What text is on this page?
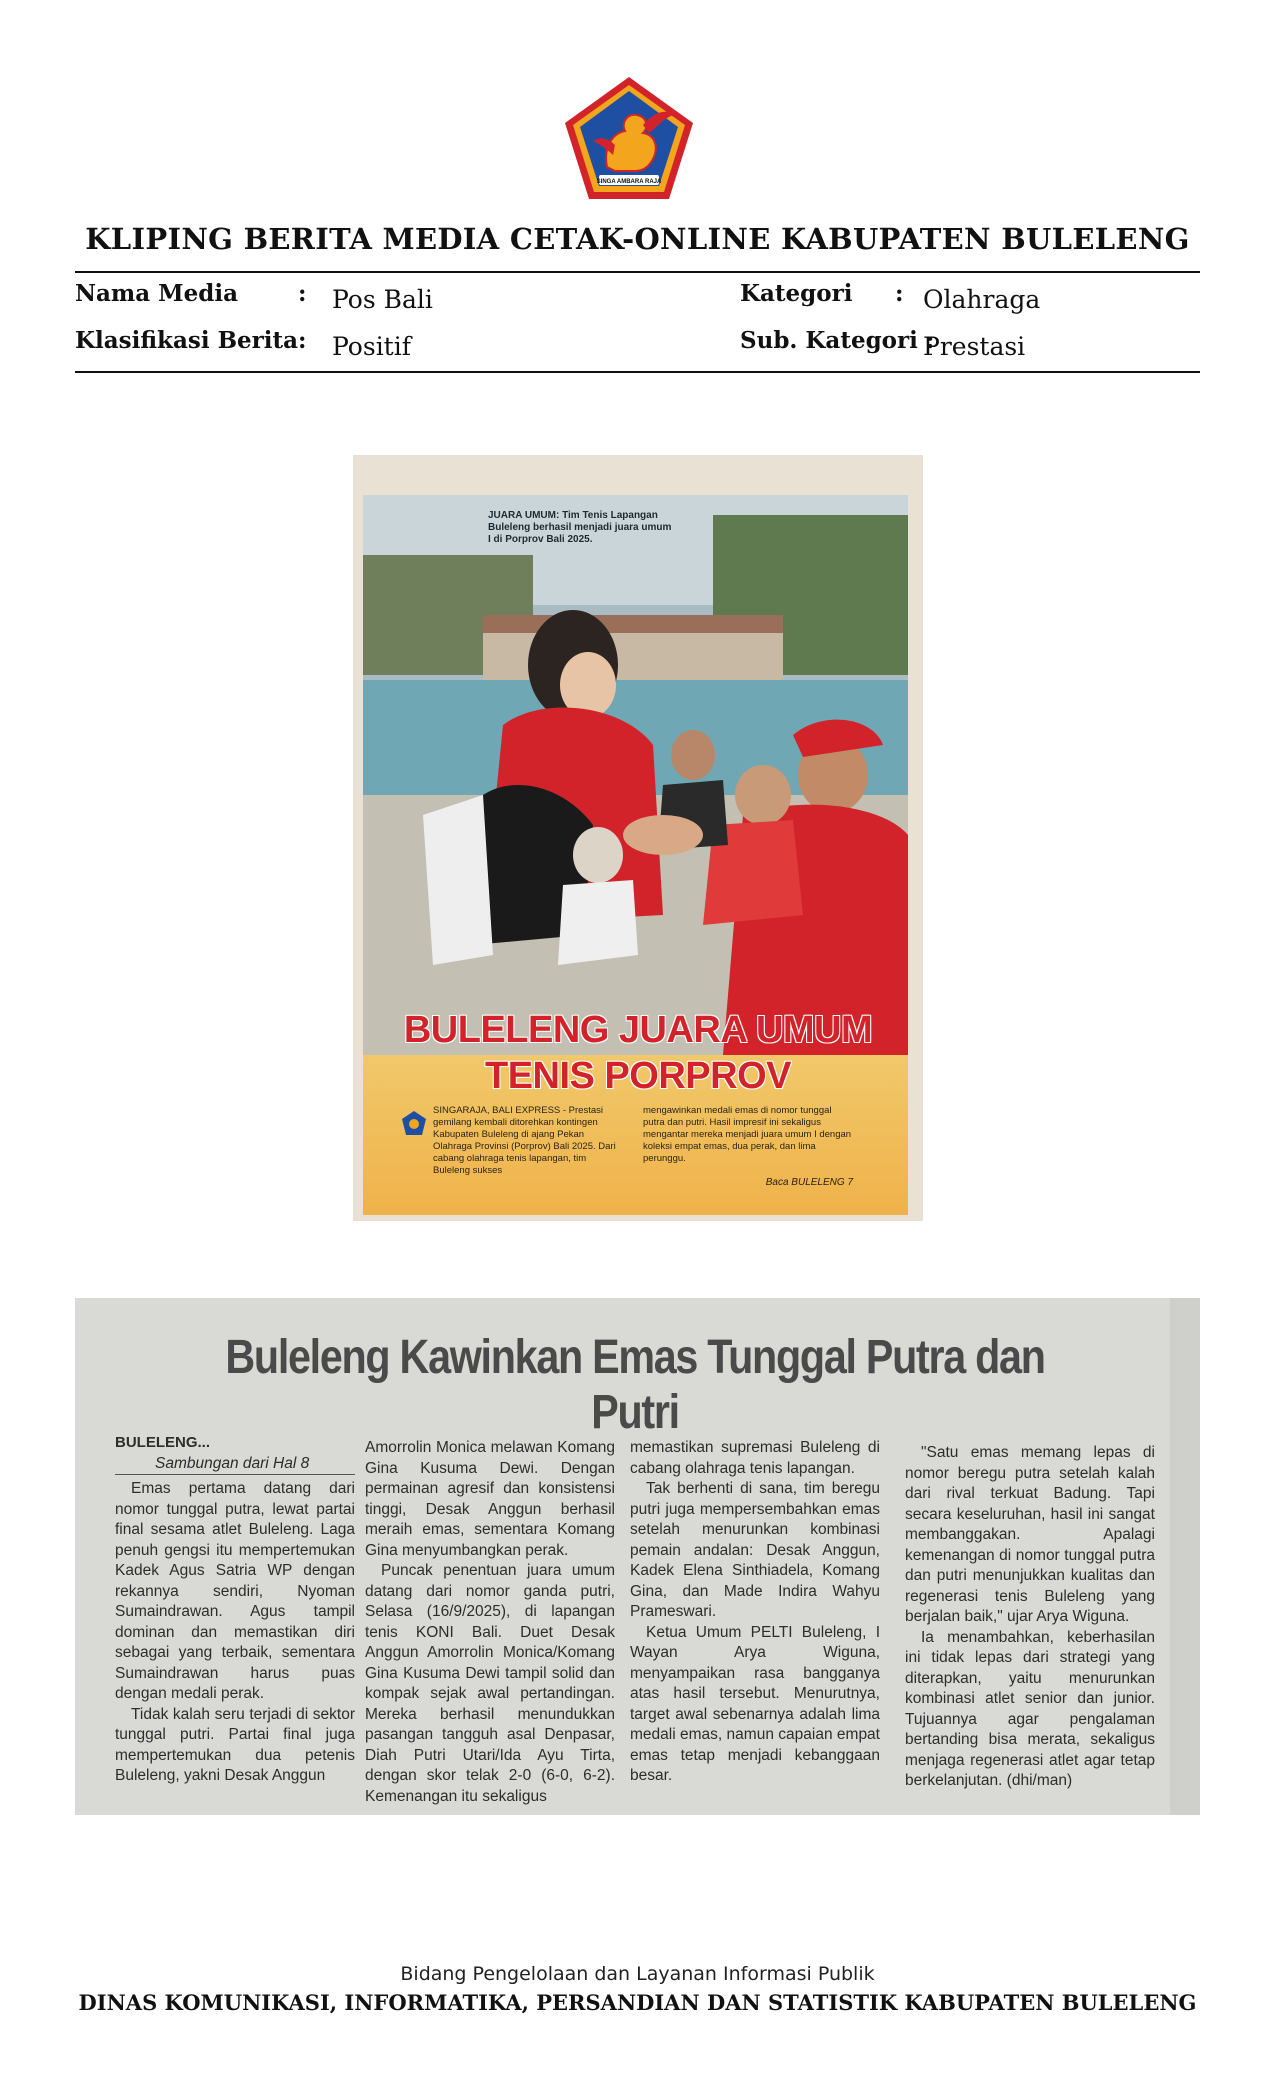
SINGA AMBARA RAJA
KLIPING BERITA MEDIA CETAK-ONLINE KABUPATEN BULELENG
Nama Media	: Pos Bali
Klasifikasi Berita : Positif
Kategori : Olahraga
Sub. Kategori :
Prestasi
JUARA UMUM: Tim Tenis Lapangan Buleleng berhasil menjadi juara umum I di Porprov Bali 2025.
BULELENG JUARA UMUM
TENIS PORPROV
SINGARAJA, BALI EXPRESS - Prestasi gemilang kembali ditorehkan kontingen Kabupaten Buleleng di ajang Pekan Olahraga Provinsi (Porprov) Bali 2025. Dari cabang olahraga tenis lapangan, tim Buleleng sukses
mengawinkan medali emas di nomor tunggal putra dan putri. Hasil impresif ini sekaligus mengantar mereka menjadi juara umum I dengan koleksi empat emas, dua perak, dan lima perunggu.
Baca BULELENG 7
Buleleng Kawinkan Emas Tunggal Putra dan Putri

BULELENG...

Sambungan dari Hal 8

Emas pertama datang dari nomor tunggal putra, lewat partai final sesama atlet Buleleng. Laga penuh gengsi itu mempertemukan Kadek Agus Satria WP dengan rekannya sendiri, Nyoman Sumaindrawan. Agus tampil dominan dan memastikan diri sebagai yang terbaik, sementara Sumaindrawan harus puas dengan medali perak.

Tidak kalah seru terjadi di sektor tunggal putri. Partai final juga mempertemukan dua petenis Buleleng, yakni Desak Anggun

Amorrolin Monica melawan Komang Gina Kusuma Dewi. Dengan permainan agresif dan konsistensi tinggi, Desak Anggun berhasil meraih emas, sementara Komang Gina menyumbangkan perak.

Puncak penentuan juara umum datang dari nomor ganda putri, Selasa (16/9/2025), di lapangan tenis KONI Bali. Duet Desak Anggun Amorrolin Monica/Komang Gina Kusuma Dewi tampil solid dan kompak sejak awal pertandingan. Mereka berhasil menundukkan pasangan tangguh asal Denpasar, Diah Putri Utari/Ida Ayu Tirta, dengan skor telak 2-0 (6-0, 6-2). Kemenangan itu sekaligus

memastikan supremasi Buleleng di cabang olahraga tenis lapangan.

Tak berhenti di sana, tim beregu putri juga mempersembahkan emas setelah menurunkan kombinasi pemain andalan: Desak Anggun, Kadek Elena Sinthiadela, Komang Gina, dan Made Indira Wahyu Prameswari.

Ketua Umum PELTI Buleleng, I Wayan Arya Wiguna, menyampaikan rasa bangganya atas hasil tersebut. Menurutnya, target awal sebenarnya adalah lima medali emas, namun capaian empat emas tetap menjadi kebanggaan besar.

"Satu emas memang lepas di nomor beregu putra setelah kalah dari rival terkuat Badung. Tapi secara keseluruhan, hasil ini sangat membanggakan. Apalagi kemenangan di nomor tunggal putra dan putri menunjukkan kualitas dan regenerasi tenis Buleleng yang berjalan baik," ujar Arya Wiguna.

Ia menambahkan, keberhasilan ini tidak lepas dari strategi yang diterapkan, yaitu menurunkan kombinasi atlet senior dan junior. Tujuannya agar pengalaman bertanding bisa merata, sekaligus menjaga regenerasi atlet agar tetap berkelanjutan. (dhi/man)

Bidang Pengelolaan dan Layanan Informasi Publik
DINAS KOMUNIKASI, INFORMATIKA, PERSANDIAN DAN STATISTIK KABUPATEN BULELENG
